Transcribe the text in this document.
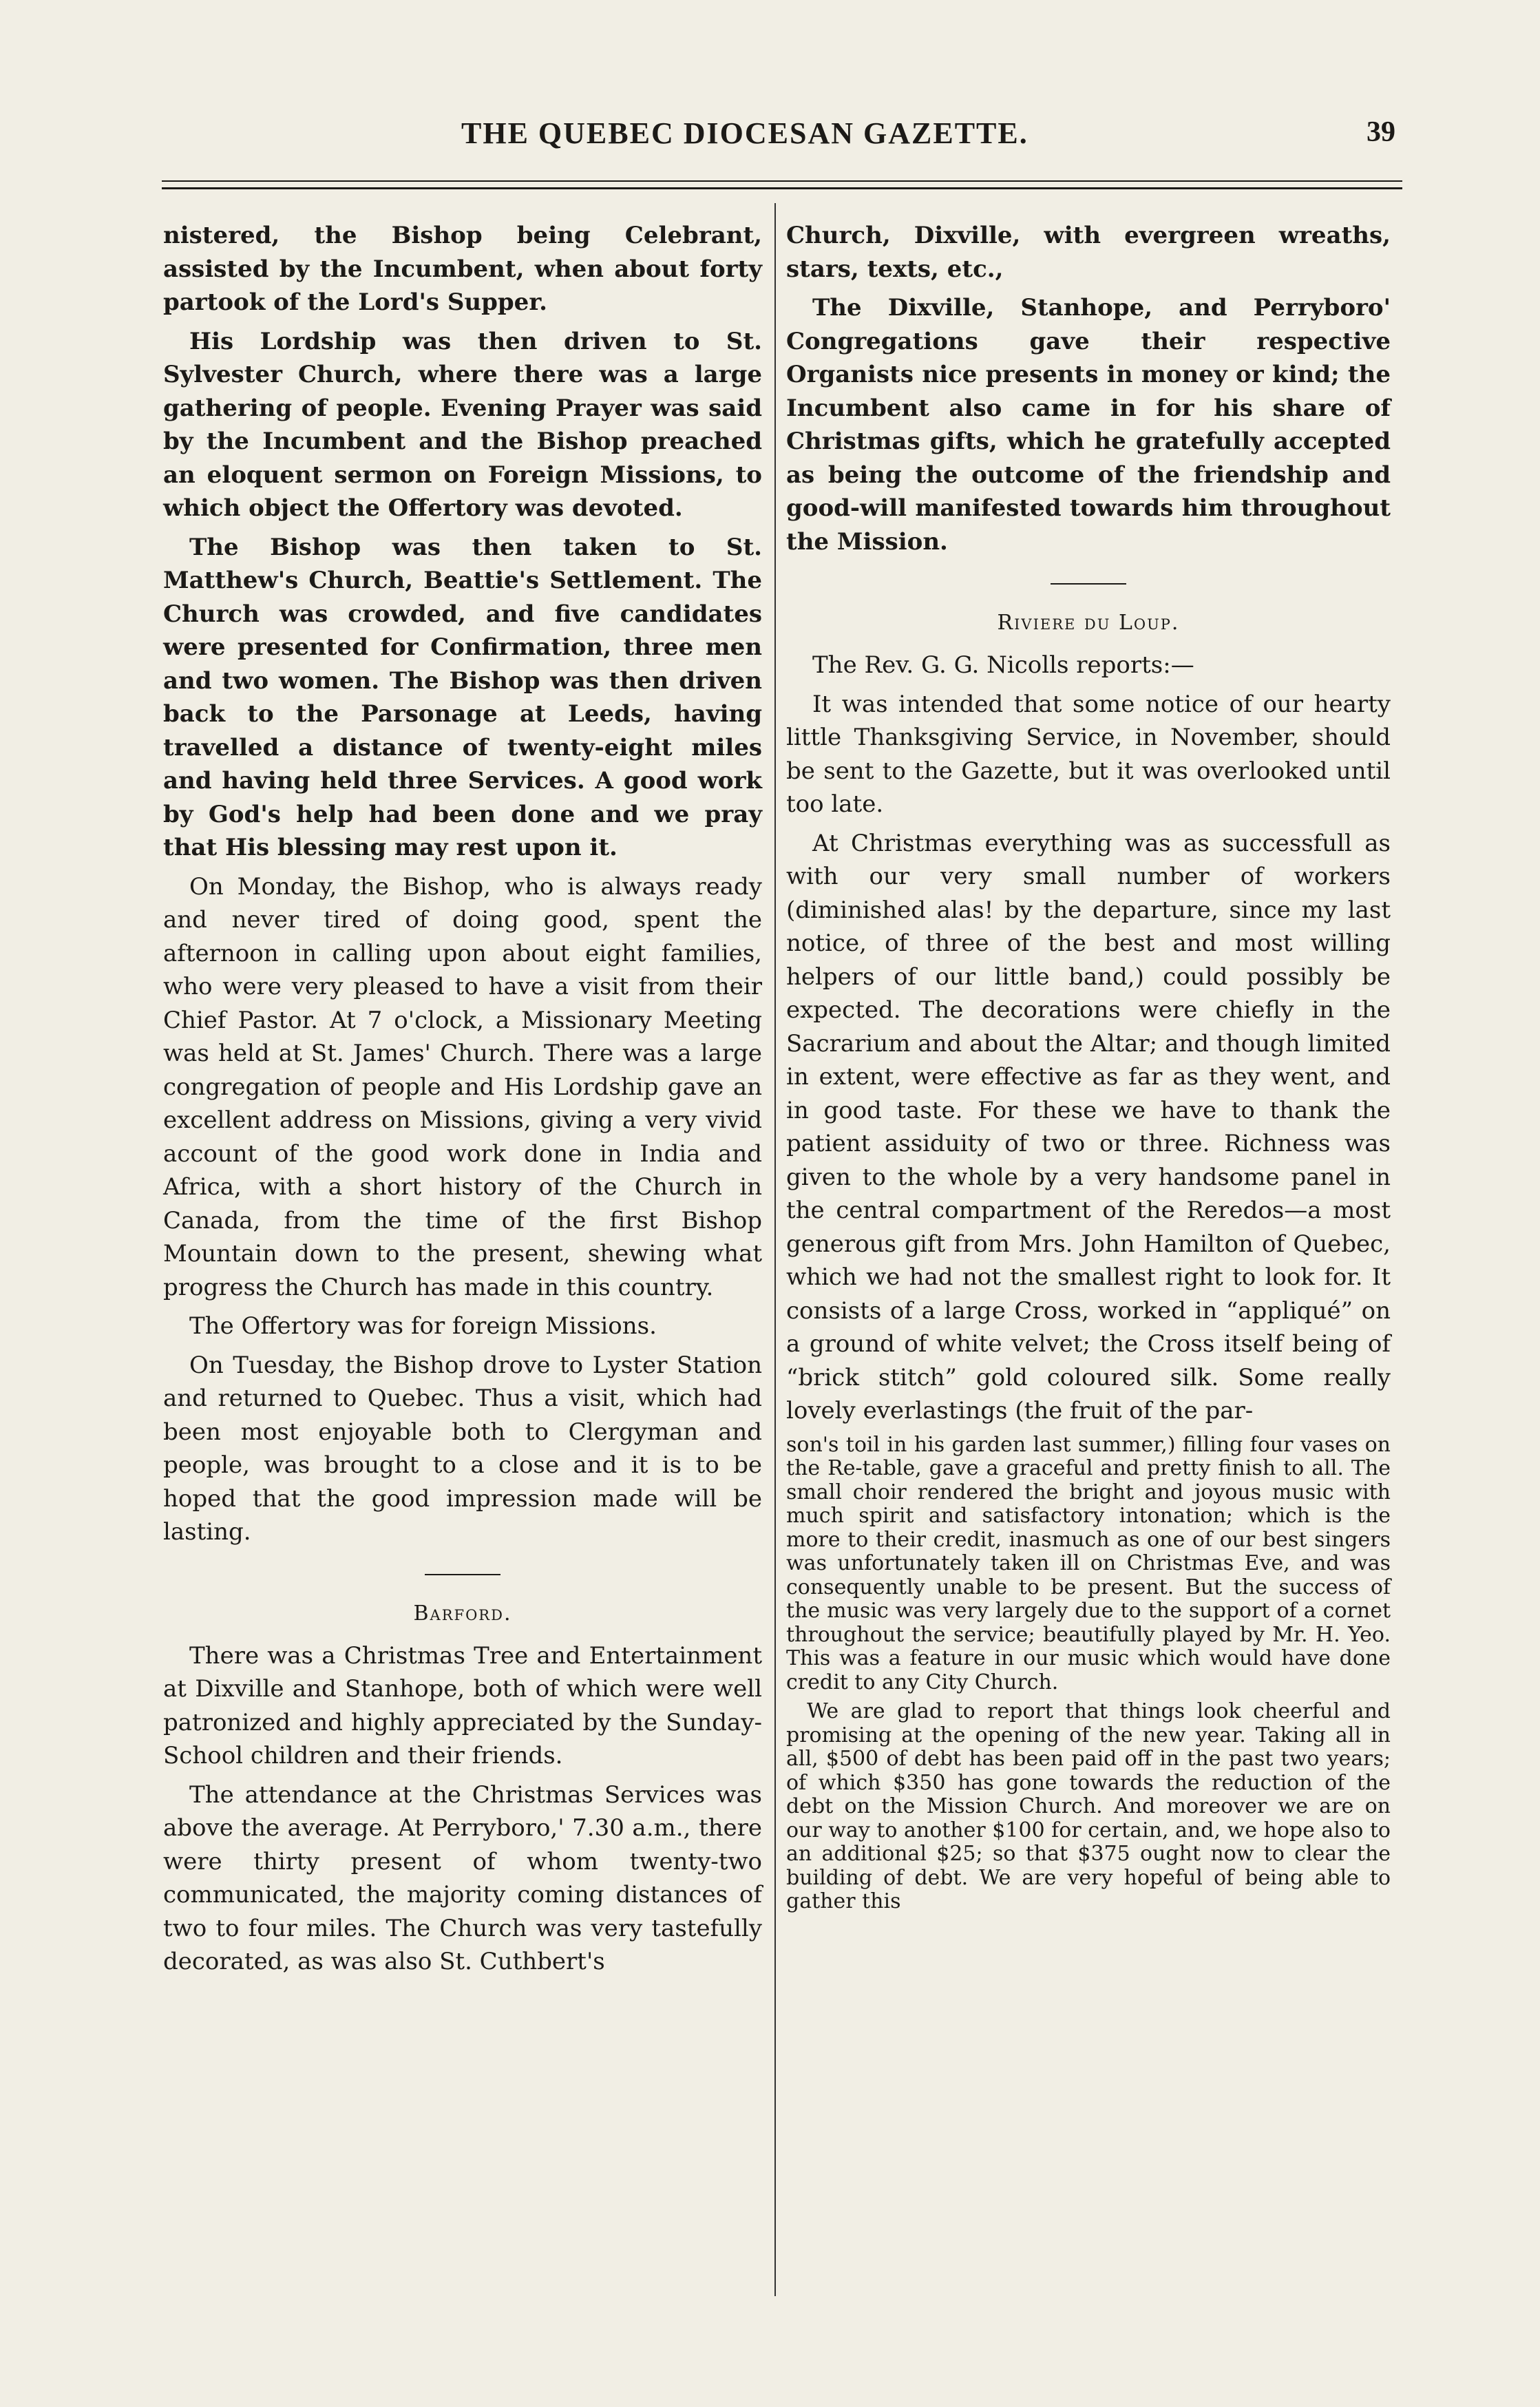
THE QUEBEC DIOCESAN GAZETTE.	39

nistered, the Bishop being Celebrant, assisted by the Incumbent, when about forty partook of the Lord's Supper.

His Lordship was then driven to St. Sylvester Church, where there was a large gathering of people. Evening Prayer was said by the Incumbent and the Bishop preached an eloquent sermon on Foreign Missions, to which object the Offertory was devoted.

The Bishop was then taken to St. Matthew's Church, Beattie's Settlement. The Church was crowded, and five candidates were presented for Confirmation, three men and two women. The Bishop was then driven back to the Parsonage at Leeds, having travelled a distance of twenty-eight miles and having held three Services. A good work by God's help had been done and we pray that His blessing may rest upon it.

On Monday, the Bishop, who is always ready and never tired of doing good, spent the afternoon in calling upon about eight families, who were very pleased to have a visit from their Chief Pastor. At 7 o'clock, a Missionary Meeting was held at St. James' Church. There was a large congregation of people and His Lordship gave an excellent address on Missions, giving a very vivid account of the good work done in India and Africa, with a short history of the Church in Canada, from the time of the first Bishop Mountain down to the present, shewing what progress the Church has made in this country.

The Offertory was for foreign Missions.

On Tuesday, the Bishop drove to Lyster Station and returned to Quebec. Thus a visit, which had been most enjoyable both to Clergyman and people, was brought to a close and it is to be hoped that the good impression made will be lasting.

Barford.

There was a Christmas Tree and Entertainment at Dixville and Stanhope, both of which were well patronized and highly appreciated by the Sunday-School children and their friends.

The attendance at the Christmas Services was above the average. At Perryboro,' 7.30 a.m., there were thirty present of whom twenty-two communicated, the majority coming distances of two to four miles. The Church was very tastefully decorated, as was also St. Cuthbert's

Church, Dixville, with evergreen wreaths, stars, texts, etc.,

The Dixville, Stanhope, and Perryboro' Congregations gave their respective Organists nice presents in money or kind; the Incumbent also came in for his share of Christmas gifts, which he gratefully accepted as being the outcome of the friendship and good-will manifested towards him throughout the Mission.

Riviere du Loup.

The Rev. G. G. Nicolls reports:—

It was intended that some notice of our hearty little Thanksgiving Service, in November, should be sent to the Gazette, but it was overlooked until too late.

At Christmas everything was as successfull as with our very small number of workers (diminished alas! by the departure, since my last notice, of three of the best and most willing helpers of our little band,) could possibly be expected. The decorations were chiefly in the Sacrarium and about the Altar; and though limited in extent, were effective as far as they went, and in good taste. For these we have to thank the patient assiduity of two or three. Richness was given to the whole by a very handsome panel in the central compartment of the Reredos—a most generous gift from Mrs. John Hamilton of Quebec, which we had not the smallest right to look for. It consists of a large Cross, worked in “appliqué” on a ground of white velvet; the Cross itself being of “brick stitch” gold coloured silk. Some really lovely everlastings (the fruit of the par-

son's toil in his garden last summer,) filling four vases on the Re-table, gave a graceful and pretty finish to all. The small choir rendered the bright and joyous music with much spirit and satisfactory intonation; which is the more to their credit, inasmuch as one of our best singers was unfortunately taken ill on Christmas Eve, and was consequently unable to be present. But the success of the music was very largely due to the support of a cornet throughout the service; beautifully played by Mr. H. Yeo. This was a feature in our music which would have done credit to any City Church.

We are glad to report that things look cheerful and promising at the opening of the new year. Taking all in all, $500 of debt has been paid off in the past two years; of which $350 has gone towards the reduction of the debt on the Mission Church. And moreover we are on our way to another $100 for certain, and, we hope also to an additional $25; so that $375 ought now to clear the building of debt. We are very hopeful of being able to gather this
